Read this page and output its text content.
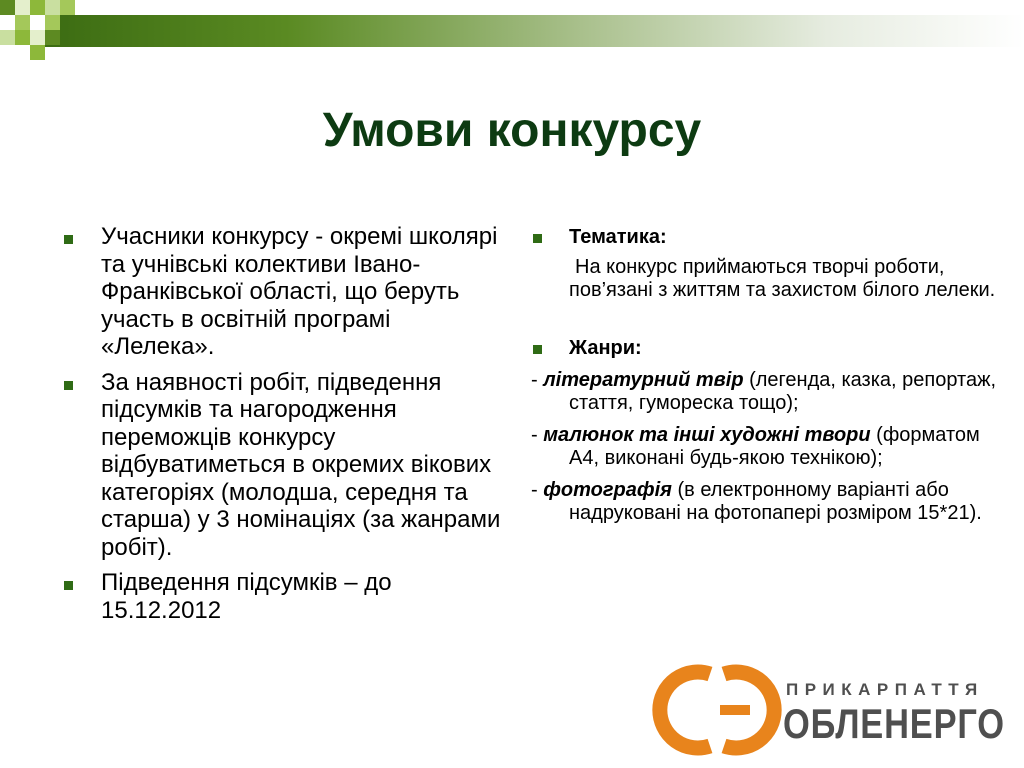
Умови конкурсу
Учасники конкурсу - окремі школярі та учнівські колективи Івано-Франківської області, що беруть участь в освітній програмі «Лелека».
За наявності робіт, підведення підсумків та нагородження переможців конкурсу відбуватиметься в окремих вікових категоріях (молодша, середня та старша) у 3 номінаціях (за жанрами робіт).
Підведення підсумків – до 15.12.2012
Тематика:
На конкурс приймаються творчі роботи, пов’язані з життям та захистом білого лелеки.
Жанри:
- літературний твір (легенда, казка, репортаж, стаття, гумореска тощо);
- малюнок та інші художні твори (форматом А4, виконані будь-якою технікою);
- фотографія (в електронному варіанті або надруковані на фотопапері розміром 15*21).
ПРИКАРПАТТЯ
ОБЛЕНЕРГО
